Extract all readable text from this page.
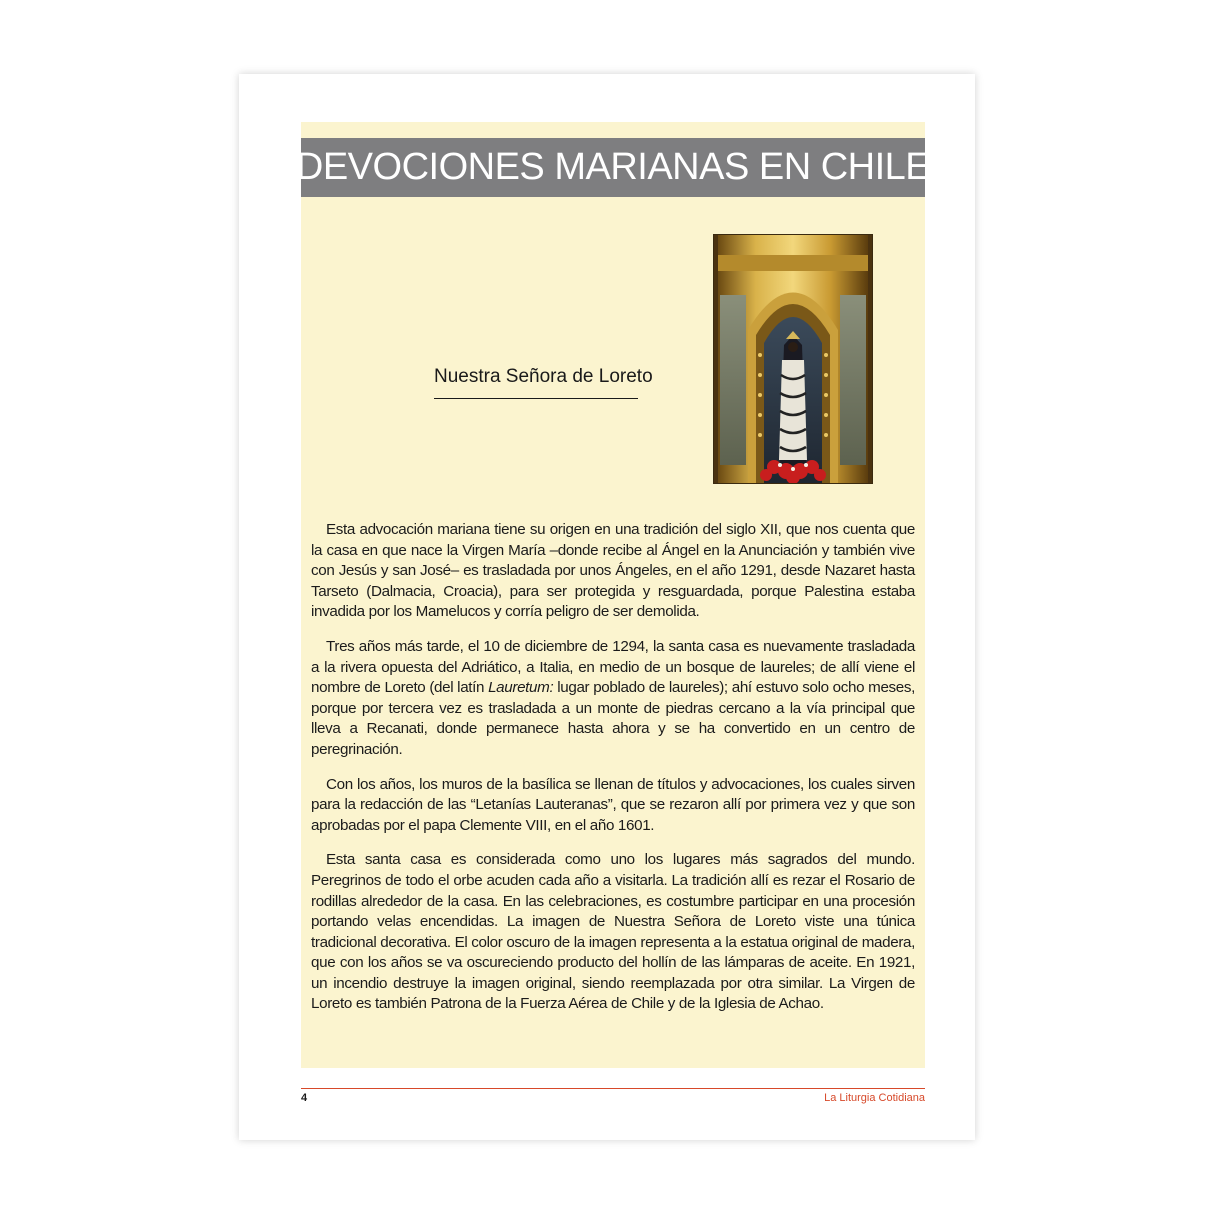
DEVOCIONES MARIANAS EN CHILE
Nuestra Señora de Loreto

Esta advocación mariana tiene su origen en una tradición del siglo XII, que nos cuenta que la casa en que nace la Virgen María –donde recibe al Ángel en la Anunciación y también vive con Jesús y san José– es trasladada por unos Ángeles, en el año 1291, desde Nazaret hasta Tarseto (Dalmacia, Croacia), para ser protegida y resguardada, porque Palestina estaba invadida por los Mamelucos y corría peligro de ser demolida.

Tres años más tarde, el 10 de diciembre de 1294, la santa casa es nuevamente trasladada a la rivera opuesta del Adriático, a Italia, en medio de un bosque de laureles; de allí viene el nombre de Loreto (del latín Lauretum: lugar poblado de laureles); ahí estuvo solo ocho meses, porque por tercera vez es trasladada a un monte de piedras cercano a la vía principal que lleva a Recanati, donde permanece hasta ahora y se ha convertido en un centro de peregrinación.

Con los años, los muros de la basílica se llenan de títulos y advocaciones, los cuales sirven para la redacción de las “Letanías Lauteranas”, que se rezaron allí por primera vez y que son aprobadas por el papa Clemente VIII, en el año 1601.

Esta santa casa es considerada como uno los lugares más sagrados del mundo. Peregrinos de todo el orbe acuden cada año a visitarla. La tradición allí es rezar el Rosario de rodillas alrededor de la casa. En las celebraciones, es costumbre participar en una procesión portando velas encendidas. La imagen de Nuestra Señora de Loreto viste una túnica tradicional decorativa. El color oscuro de la imagen representa a la estatua original de madera, que con los años se va oscureciendo producto del hollín de las lámparas de aceite. En 1921, un incendio destruye la imagen original, siendo reemplazada por otra similar. La Virgen de Loreto es también Patrona de la Fuerza Aérea de Chile y de la Iglesia de Achao.

4	La Liturgia Cotidiana
